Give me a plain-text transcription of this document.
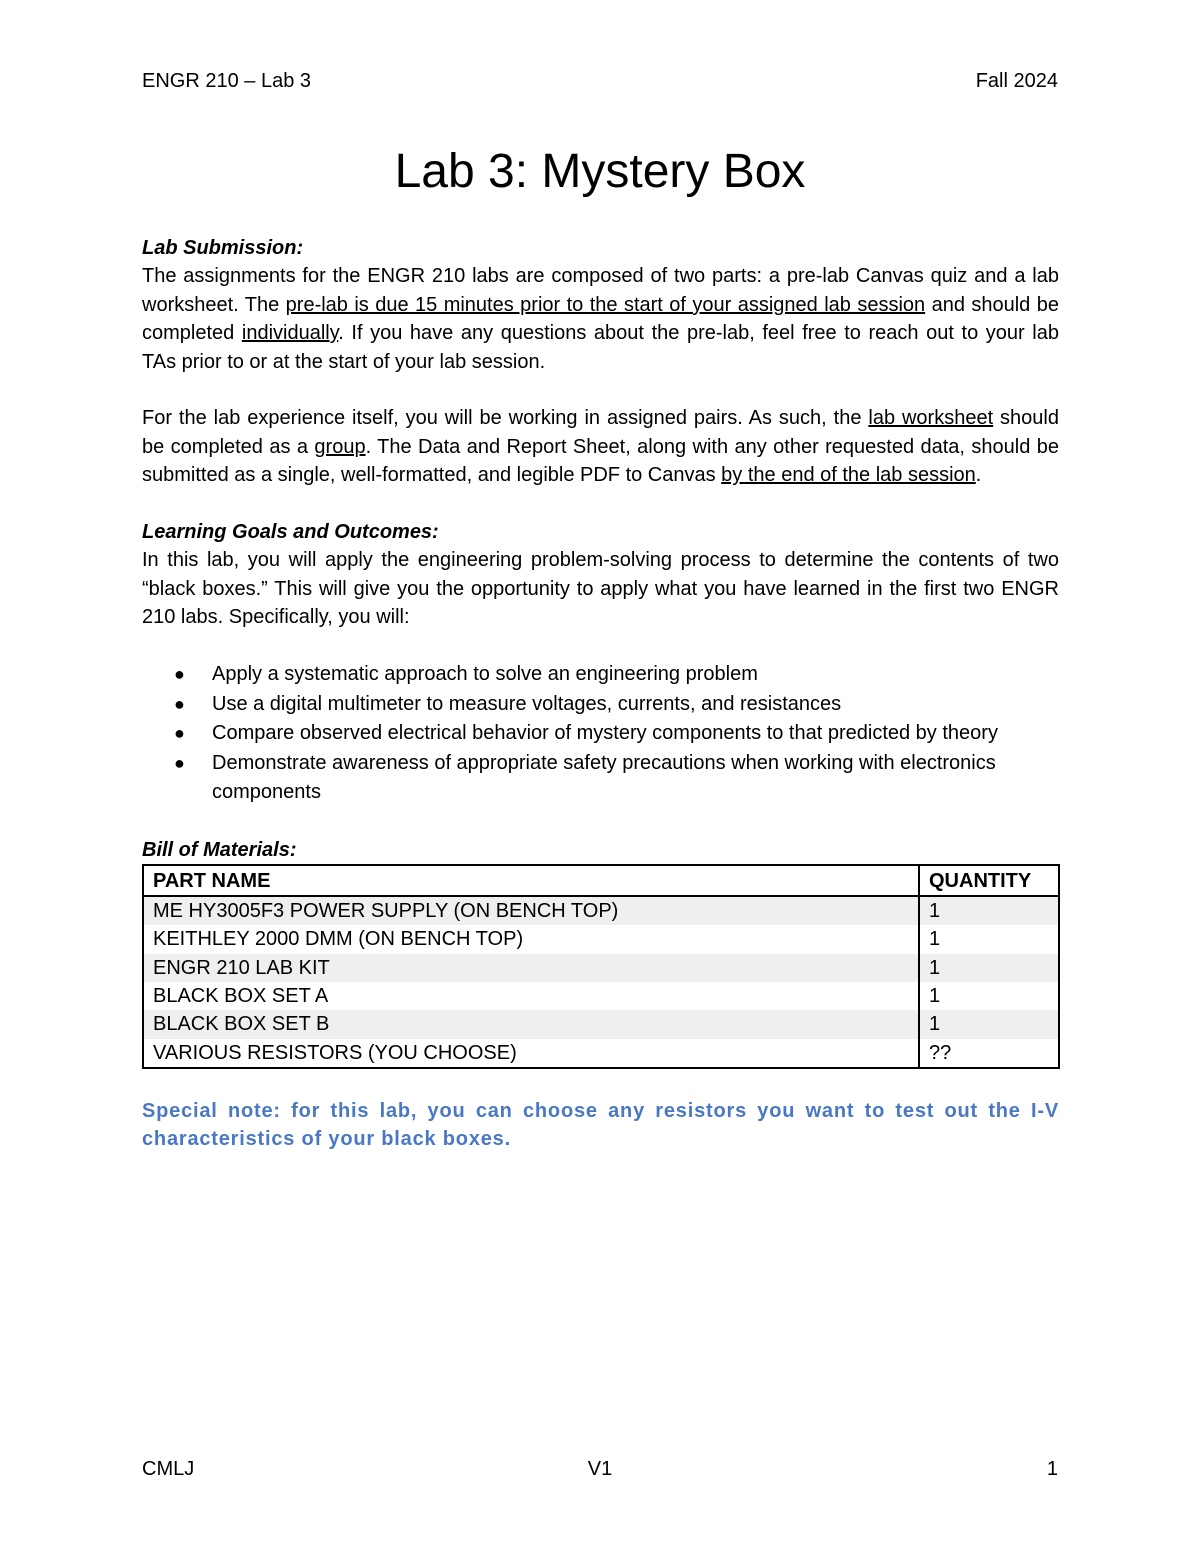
ENGR 210 – Lab 3	Fall 2024
Lab 3: Mystery Box

Lab Submission:

The assignments for the ENGR 210 labs are composed of two parts: a pre-lab Canvas quiz and a lab worksheet. The pre-lab is due 15 minutes prior to the start of your assigned lab session and should be completed individually. If you have any questions about the pre-lab, feel free to reach out to your lab TAs prior to or at the start of your lab session.

For the lab experience itself, you will be working in assigned pairs. As such, the lab worksheet should be completed as a group. The Data and Report Sheet, along with any other requested data, should be submitted as a single, well-formatted, and legible PDF to Canvas by the end of the lab session.

Learning Goals and Outcomes:

In this lab, you will apply the engineering problem-solving process to determine the contents of two “black boxes.” This will give you the opportunity to apply what you have learned in the first two ENGR 210 labs. Specifically, you will:

● Apply a systematic approach to solve an engineering problem
● Use a digital multimeter to measure voltages, currents, and resistances
● Compare observed electrical behavior of mystery components to that predicted by theory
● Demonstrate awareness of appropriate safety precautions when working with electronics components

Bill of Materials:

PART NAME	QUANTITY
ME HY3005F3 POWER SUPPLY (ON BENCH TOP)	1
KEITHLEY 2000 DMM (ON BENCH TOP)	1
ENGR 210 LAB KIT	1
BLACK BOX SET A	1
BLACK BOX SET B	1
VARIOUS RESISTORS (YOU CHOOSE)	??

Special note: for this lab, you can choose any resistors you want to test out the I-V characteristics of your black boxes.

CMLJ	V1	1
